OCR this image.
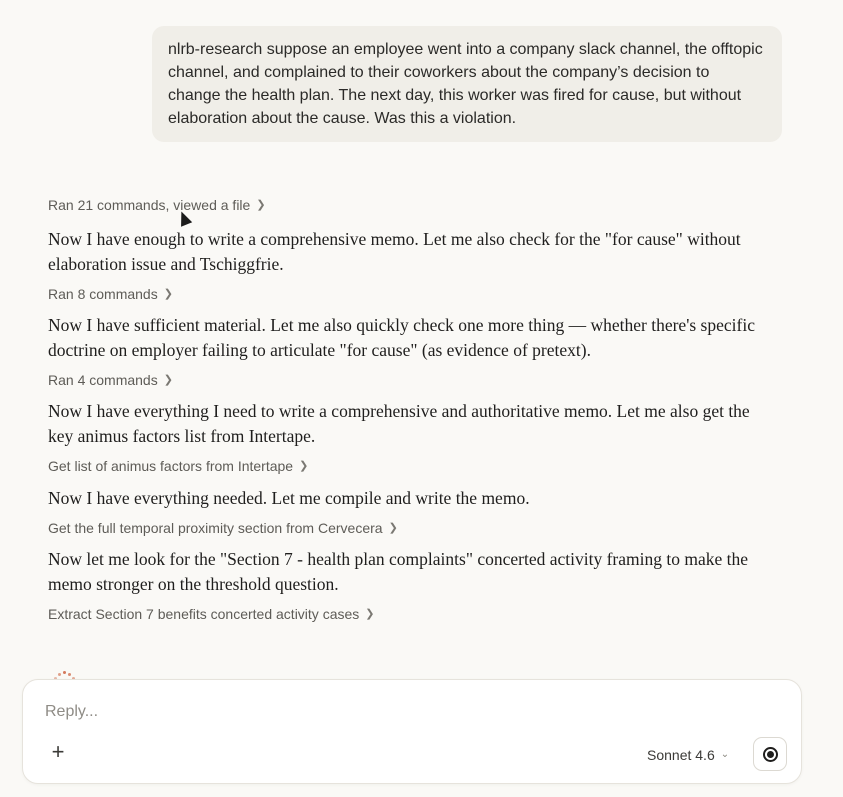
nlrb-research suppose an employee went into a company slack channel, the offtopic channel, and complained to their coworkers about the company’s decision to change the health plan. The next day, this worker was fired for cause, but without elaboration about the cause. Was this a violation.
Ran 21 commands, viewed a file ❯

Now I have enough to write a comprehensive memo. Let me also check for the "for cause" without elaboration issue and Tschiggfrie.

Ran 8 commands ❯

Now I have sufficient material. Let me also quickly check one more thing — whether there's specific doctrine on employer failing to articulate "for cause" (as evidence of pretext).

Ran 4 commands ❯

Now I have everything I need to write a comprehensive and authoritative memo. Let me also get the key animus factors list from Intertape.

Get list of animus factors from Intertape ❯

Now I have everything needed. Let me compile and write the memo.

Get the full temporal proximity section from Cervecera ❯

Now let me look for the "Section 7 - health plan complaints" concerted activity framing to make the memo stronger on the threshold question.

Extract Section 7 benefits concerted activity cases ❯
Reply...
+	Sonnet 4.6 ⌄
